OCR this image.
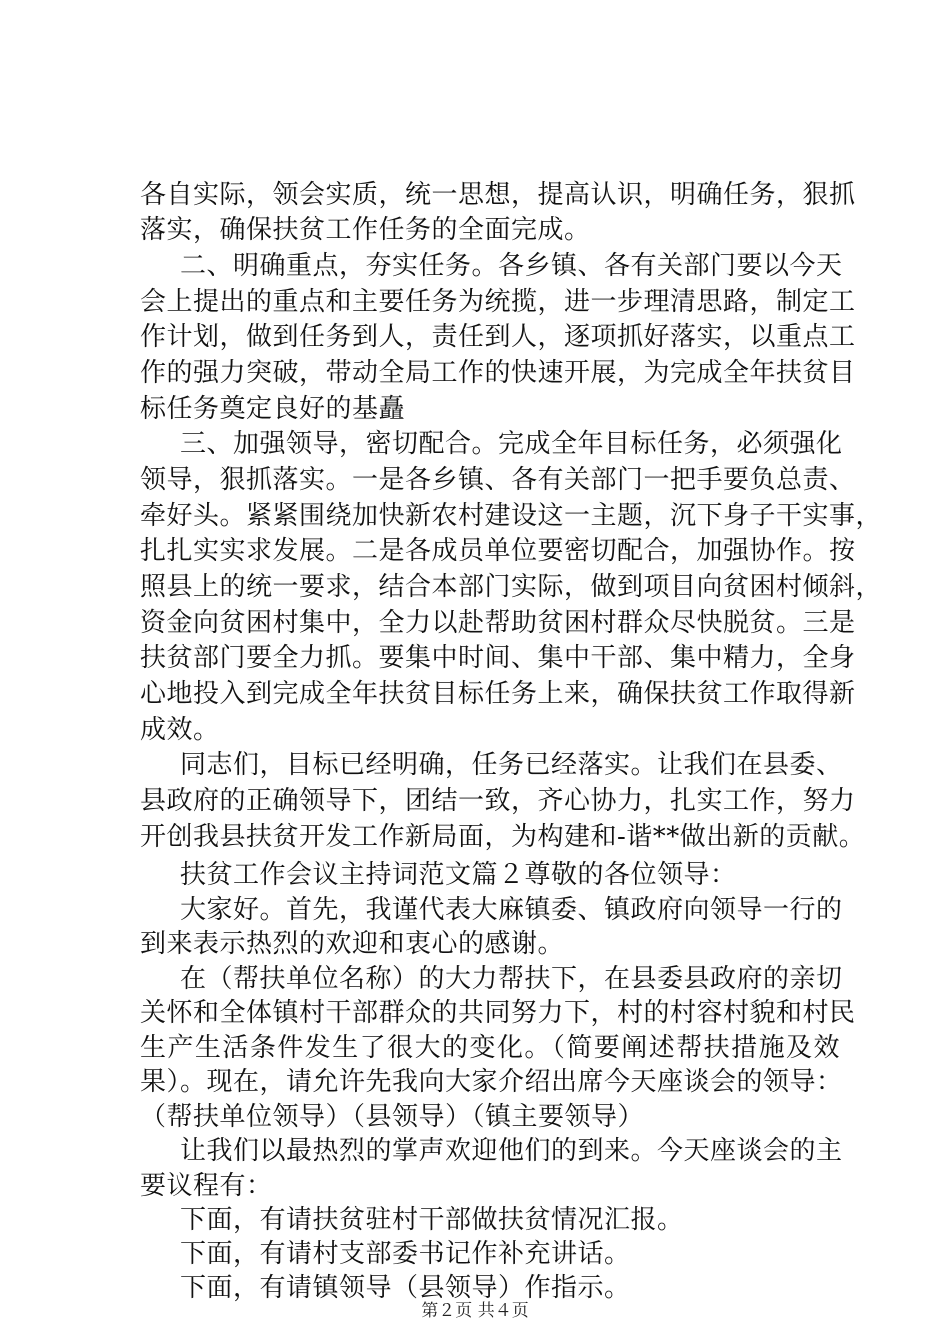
各自实际，领会实质，统一思想，提高认识，明确任务，狠抓
落实，确保扶贫工作任务的全面完成。
二、明确重点，夯实任务。各乡镇、各有关部门要以今天
会上提出的重点和主要任务为统揽，进一步理清思路，制定工
作计划，做到任务到人，责任到人，逐项抓好落实，以重点工
作的强力突破，带动全局工作的快速开展，为完成全年扶贫目
标任务奠定良好的基矗
三、加强领导，密切配合。完成全年目标任务，必须强化
领导，狠抓落实。一是各乡镇、各有关部门一把手要负总责、
牵好头。紧紧围绕加快新农村建设这一主题，沉下身子干实事，
扎扎实实求发展。二是各成员单位要密切配合，加强协作。按
照县上的统一要求，结合本部门实际，做到项目向贫困村倾斜，
资金向贫困村集中，全力以赴帮助贫困村群众尽快脱贫。三是
扶贫部门要全力抓。要集中时间、集中干部、集中精力，全身
心地投入到完成全年扶贫目标任务上来，确保扶贫工作取得新
成效。
同志们，目标已经明确，任务已经落实。让我们在县委、
县政府的正确领导下，团结一致，齐心协力，扎实工作，努力
开创我县扶贫开发工作新局面，为构建和-谐**做出新的贡献。
扶贫工作会议主持词范文篇２尊敬的各位领导：
大家好。首先，我谨代表大麻镇委、镇政府向领导一行的
到来表示热烈的欢迎和衷心的感谢。
在（帮扶单位名称）的大力帮扶下，在县委县政府的亲切
关怀和全体镇村干部群众的共同努力下，村的村容村貌和村民
生产生活条件发生了很大的变化。（简要阐述帮扶措施及效
果）。现在，请允许先我向大家介绍出席今天座谈会的领导：
（帮扶单位领导）（县领导）（镇主要领导）
让我们以最热烈的掌声欢迎他们的到来。今天座谈会的主
要议程有：
下面，有请扶贫驻村干部做扶贫情况汇报。
下面，有请村支部委书记作补充讲话。
下面，有请镇领导（县领导）作指示。
第２页 共４页
